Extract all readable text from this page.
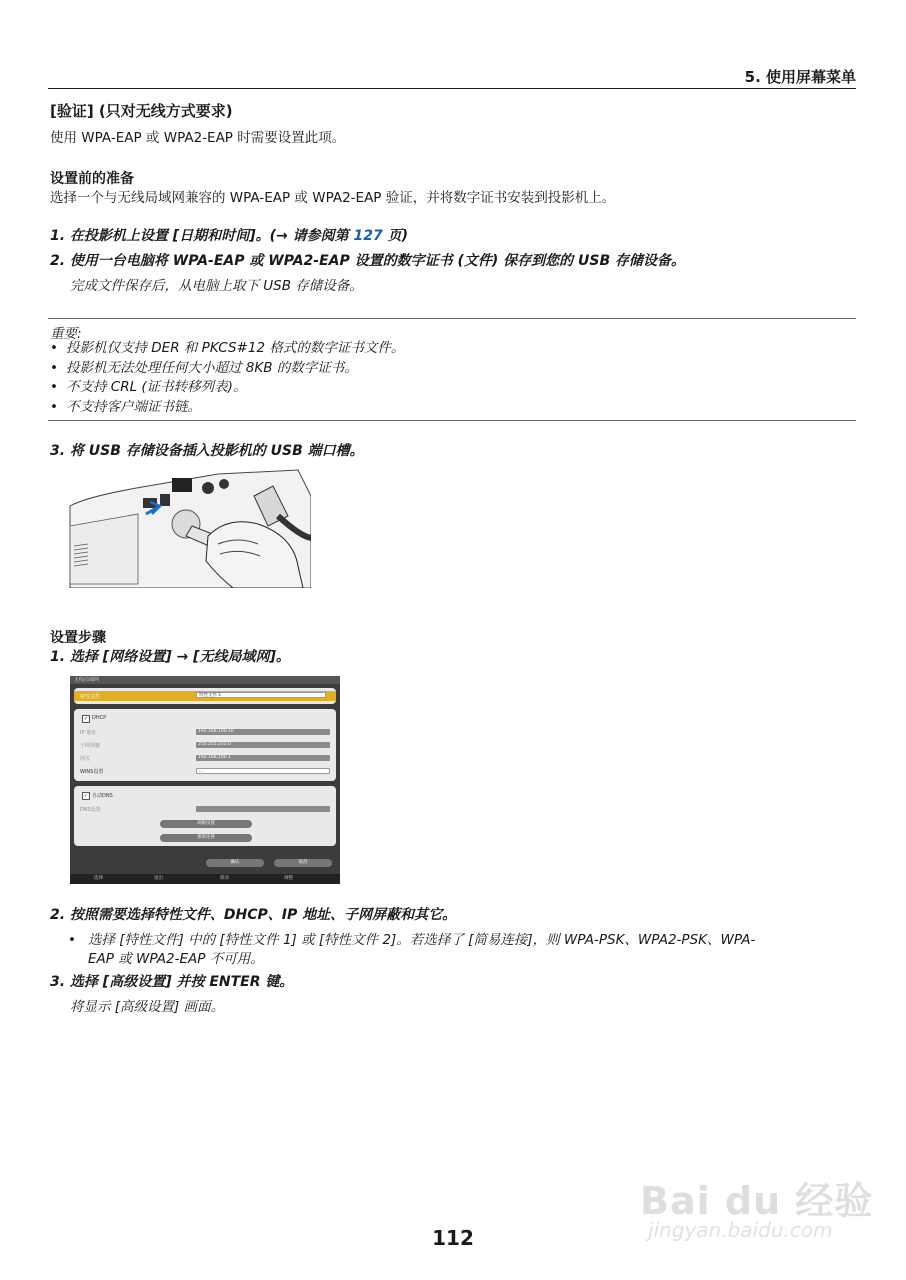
5. 使用屏幕菜单
[验证] (只对无线方式要求)
使用 WPA-EAP 或 WPA2-EAP 时需要设置此项。
设置前的准备
选择一个与无线局域网兼容的 WPA-EAP 或 WPA2-EAP 验证，并将数字证书安装到投影机上。
1. 在投影机上设置 [日期和时间]。(→ 请参阅第 127 页)
2. 使用一台电脑将 WPA-EAP 或 WPA2-EAP 设置的数字证书 (文件) 保存到您的 USB 存储设备。
完成文件保存后，从电脑上取下 USB 存储设备。
重要:
• 投影机仅支持 DER 和 PKCS#12 格式的数字证书文件。
• 投影机无法处理任何大小超过 8KB 的数字证书。
• 不支持 CRL (证书转移列表)。
• 不支持客户端证书链。
3. 将 USB 存储设备插入投影机的 USB 端口槽。
设置步骤
1. 选择 [网络设置] → [无线局域网]。
无线局域网
特性文件	特性文件 1
✓ DHCP
IP 地址	192.168.100.10
子网屏蔽	255.255.255.0
网关	192.168.100.1
WINS设置	...
✓ 自动DNS
DNS设置
高级设置
重新连接
确认	取消
选择	退出	移动	调整
2. 按照需要选择特性文件、DHCP、IP 地址、子网屏蔽和其它。
• 选择 [特性文件] 中的 [特性文件 1] 或 [特性文件 2]。若选择了 [简易连接]，则 WPA-PSK、WPA2-PSK、WPA-
EAP 或 WPA2-EAP 不可用。
3. 选择 [高级设置] 并按 ENTER 键。
将显示 [高级设置] 画面。
112
Bai du 经验
jingyan.baidu.com
